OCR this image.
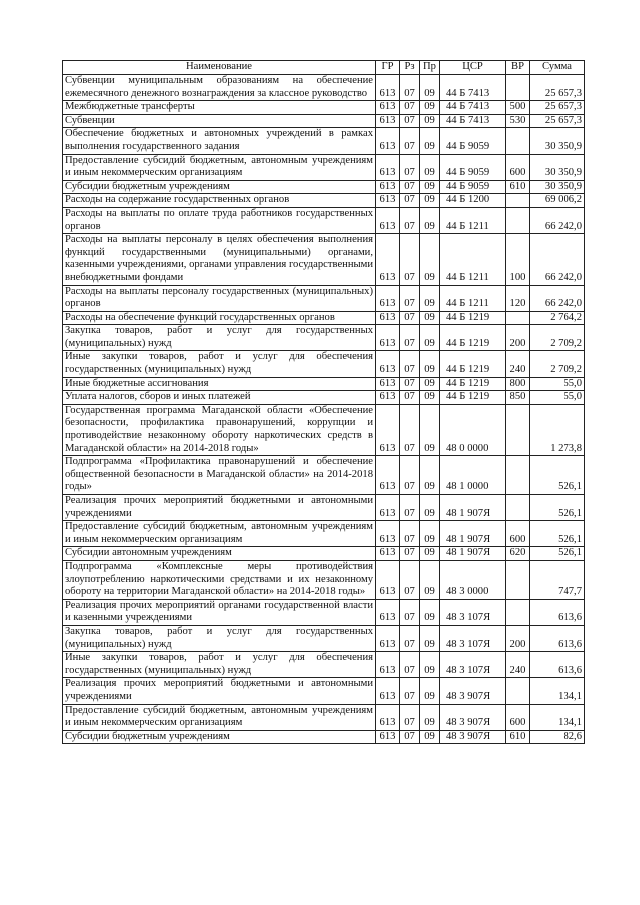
Наименование	ГР	Рз	Пр	ЦСР	ВР	Сумма
Субвенции муниципальным образованиям на обеспечение ежемесячного денежного вознаграждения за классное руководство	613	07	09	44 Б 7413		25 657,3
Межбюджетные трансферты	613	07	09	44 Б 7413	500	25 657,3
Субвенции	613	07	09	44 Б 7413	530	25 657,3
Обеспечение бюджетных и автономных учреждений в рамках выполнения государственного задания	613	07	09	44 Б 9059		30 350,9
Предоставление субсидий бюджетным, автономным учреждениям и иным некоммерческим организациям	613	07	09	44 Б 9059	600	30 350,9
Субсидии бюджетным учреждениям	613	07	09	44 Б 9059	610	30 350,9
Расходы на содержание государственных органов	613	07	09	44 Б 1200		69 006,2
Расходы на выплаты по оплате труда работников государственных органов	613	07	09	44 Б 1211		66 242,0
Расходы на выплаты персоналу в целях обеспечения выполнения функций государственными (муниципальными) органами, казенными учреждениями, органами управления государственными внебюджетными фондами	613	07	09	44 Б 1211	100	66 242,0
Расходы на выплаты персоналу государственных (муниципальных) органов	613	07	09	44 Б 1211	120	66 242,0
Расходы на обеспечение функций государственных органов	613	07	09	44 Б 1219		2 764,2
Закупка товаров, работ и услуг для государственных (муниципальных) нужд	613	07	09	44 Б 1219	200	2 709,2
Иные закупки товаров, работ и услуг для обеспечения государственных (муниципальных) нужд	613	07	09	44 Б 1219	240	2 709,2
Иные бюджетные ассигнования	613	07	09	44 Б 1219	800	55,0
Уплата налогов, сборов и иных платежей	613	07	09	44 Б 1219	850	55,0
Государственная программа Магаданской области «Обеспечение безопасности, профилактика правонарушений, коррупции и противодействие незаконному обороту наркотических средств в Магаданской области» на 2014-2018 годы»	613	07	09	48 0 0000		1 273,8
Подпрограмма «Профилактика правонарушений и обеспечение общественной безопасности в Магаданской области» на 2014-2018 годы»	613	07	09	48 1 0000		526,1
Реализация прочих мероприятий бюджетными и автономными учреждениями	613	07	09	48 1 907Я		526,1
Предоставление субсидий бюджетным, автономным учреждениям и иным некоммерческим организациям	613	07	09	48 1 907Я	600	526,1
Субсидии автономным учреждениям	613	07	09	48 1 907Я	620	526,1
Подпрограмма «Комплексные меры противодействия злоупотреблению наркотическими средствами и их незаконному обороту на территории Магаданской области» на 2014-2018 годы»	613	07	09	48 3 0000		747,7
Реализация прочих мероприятий органами государственной власти и казенными учреждениями	613	07	09	48 3 107Я		613,6
Закупка товаров, работ и услуг для государственных (муниципальных) нужд	613	07	09	48 3 107Я	200	613,6
Иные закупки товаров, работ и услуг для обеспечения государственных (муниципальных) нужд	613	07	09	48 3 107Я	240	613,6
Реализация прочих мероприятий бюджетными и автономными учреждениями	613	07	09	48 3 907Я		134,1
Предоставление субсидий бюджетным, автономным учреждениям и иным некоммерческим организациям	613	07	09	48 3 907Я	600	134,1
Субсидии бюджетным учреждениям	613	07	09	48 3 907Я	610	82,6
